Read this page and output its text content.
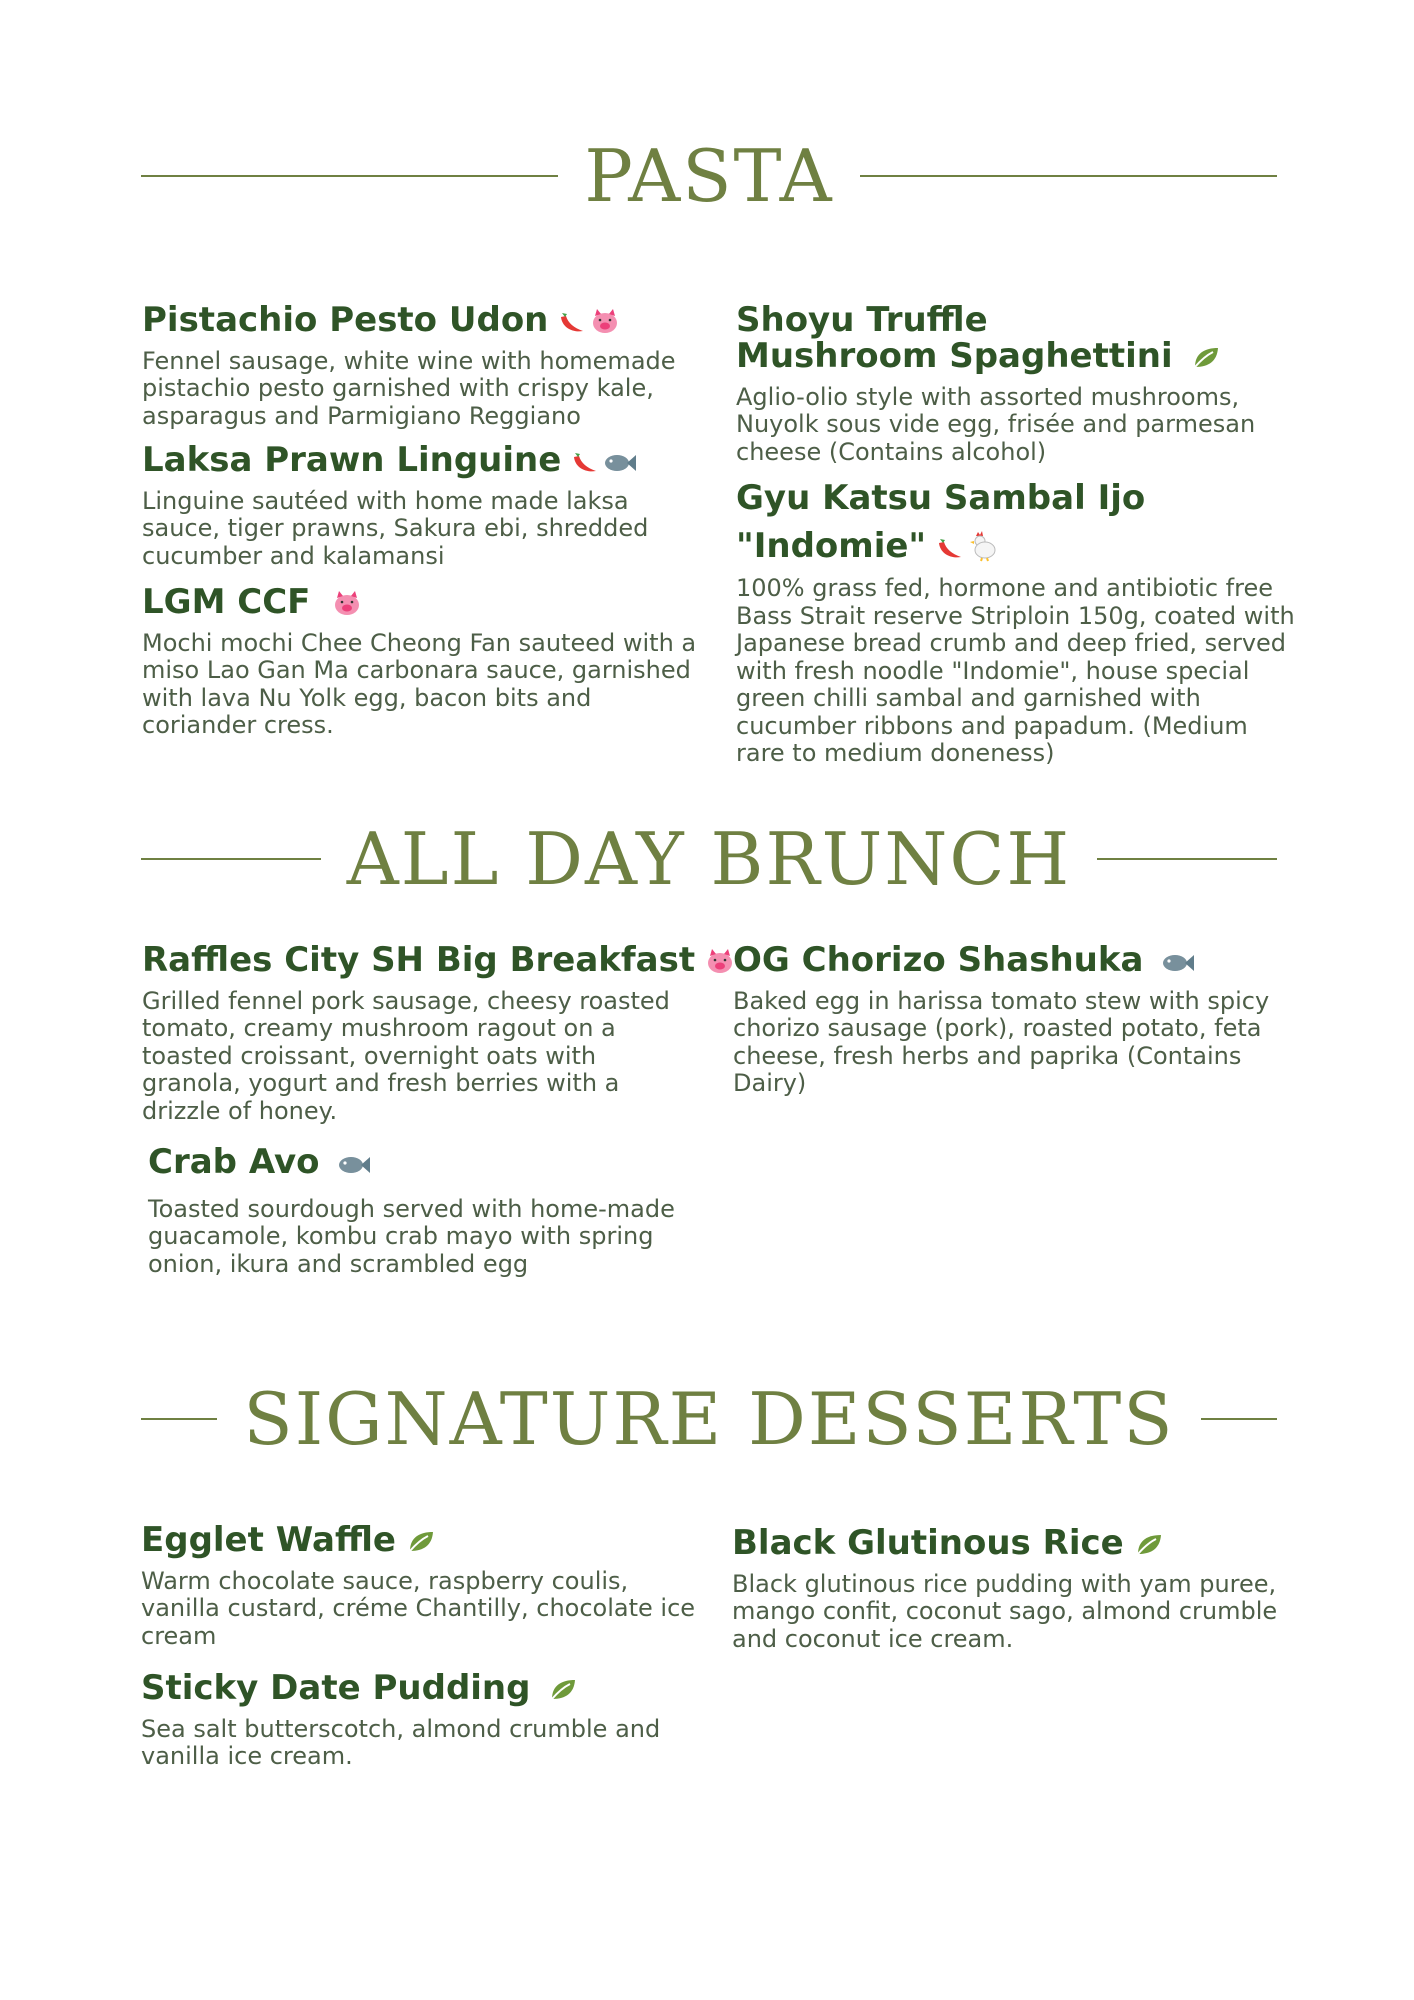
PASTA
Pistachio Pesto Udon
Fennel sausage, white wine with homemade pistachio pesto garnished with crispy kale, asparagus and Parmigiano Reggiano
Laksa Prawn Linguine
Linguine sautéed with home made laksa sauce, tiger prawns, Sakura ebi, shredded cucumber and kalamansi
LGM CCF
Mochi mochi Chee Cheong Fan sauteed with a miso Lao Gan Ma carbonara sauce, garnished with lava Nu Yolk egg, bacon bits and coriander cress.
Shoyu Truffle
Mushroom Spaghettini
Aglio-olio style with assorted mushrooms, Nuyolk sous vide egg, frisée and parmesan cheese (Contains alcohol)
Gyu Katsu Sambal Ijo
"Indomie"
100% grass fed, hormone and antibiotic free Bass Strait reserve Striploin 150g, coated with Japanese bread crumb and deep fried, served with fresh noodle "Indomie", house special green chilli sambal and garnished with cucumber ribbons and papadum. (Medium rare to medium doneness)
ALL DAY BRUNCH
Raffles City SH Big Breakfast
Grilled fennel pork sausage, cheesy roasted tomato, creamy mushroom ragout on a toasted croissant, overnight oats with granola, yogurt and fresh berries with a drizzle of honey.
Crab Avo
Toasted sourdough served with home-made guacamole, kombu crab mayo with spring onion, ikura and scrambled egg
OG Chorizo Shashuka
Baked egg in harissa tomato stew with spicy chorizo sausage (pork), roasted potato, feta cheese, fresh herbs and paprika (Contains Dairy)
SIGNATURE DESSERTS
Egglet Waffle
Warm chocolate sauce, raspberry coulis, vanilla custard, créme Chantilly, chocolate ice cream
Sticky Date Pudding
Sea salt butterscotch, almond crumble and vanilla ice cream.
Black Glutinous Rice
Black glutinous rice pudding with yam puree, mango confit, coconut sago, almond crumble and coconut ice cream.
